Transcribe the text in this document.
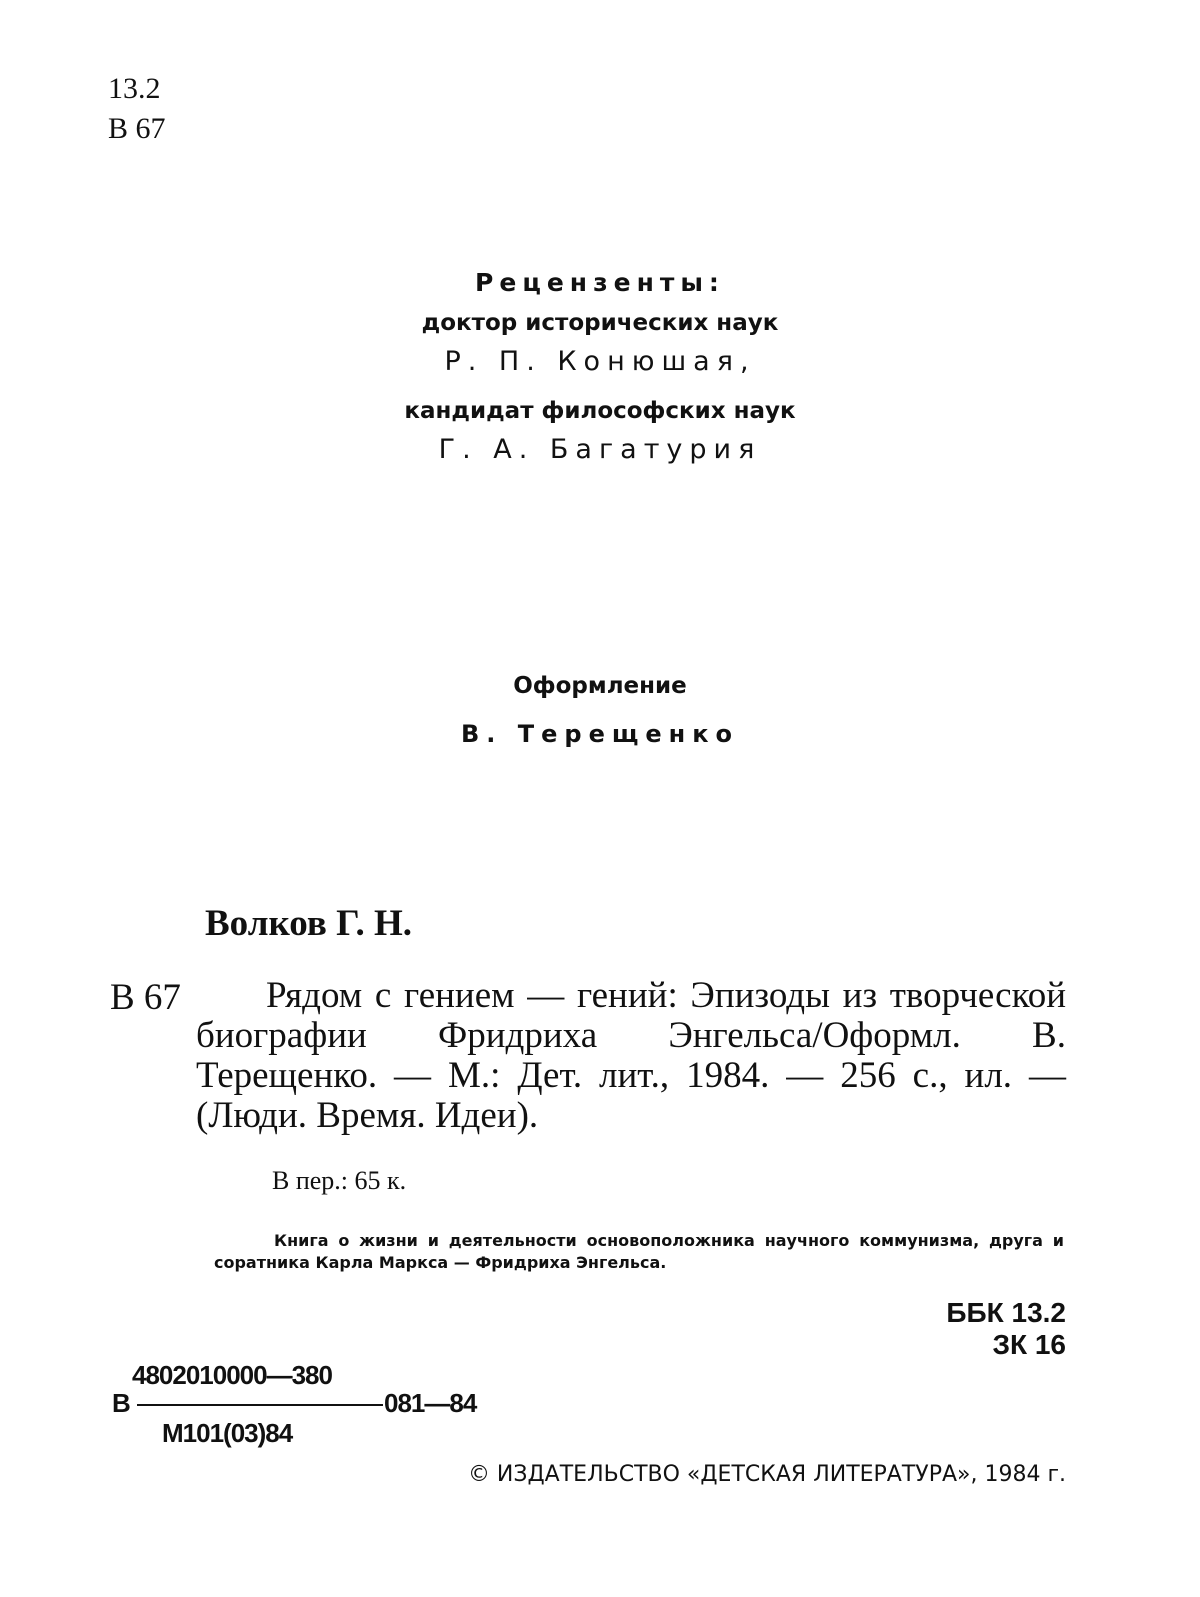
13.2
В 67
Рецензенты:
доктор исторических наук
Р. П. Конюшая,
кандидат философских наук
Г. А. Багатурия
Оформление
В. Терещенко
Волков Г. Н.
В 67	Рядом с гением — гений: Эпизоды из творческой биографии Фридриха Энгельса/Оформл. В. Терещенко. — М.: Дет. лит., 1984. — 256 с., ил. — (Люди. Время. Идеи).
В пер.: 65 к.
Книга о жизни и деятельности основоположника научного коммунизма, друга и соратника Карла Маркса — Фридриха Энгельса.
ББК 13.2
ЗК 16
4802010000—380
В	081—84
М101(03)84
© ИЗДАТЕЛЬСТВО «ДЕТСКАЯ ЛИТЕРАТУРА», 1984 г.
